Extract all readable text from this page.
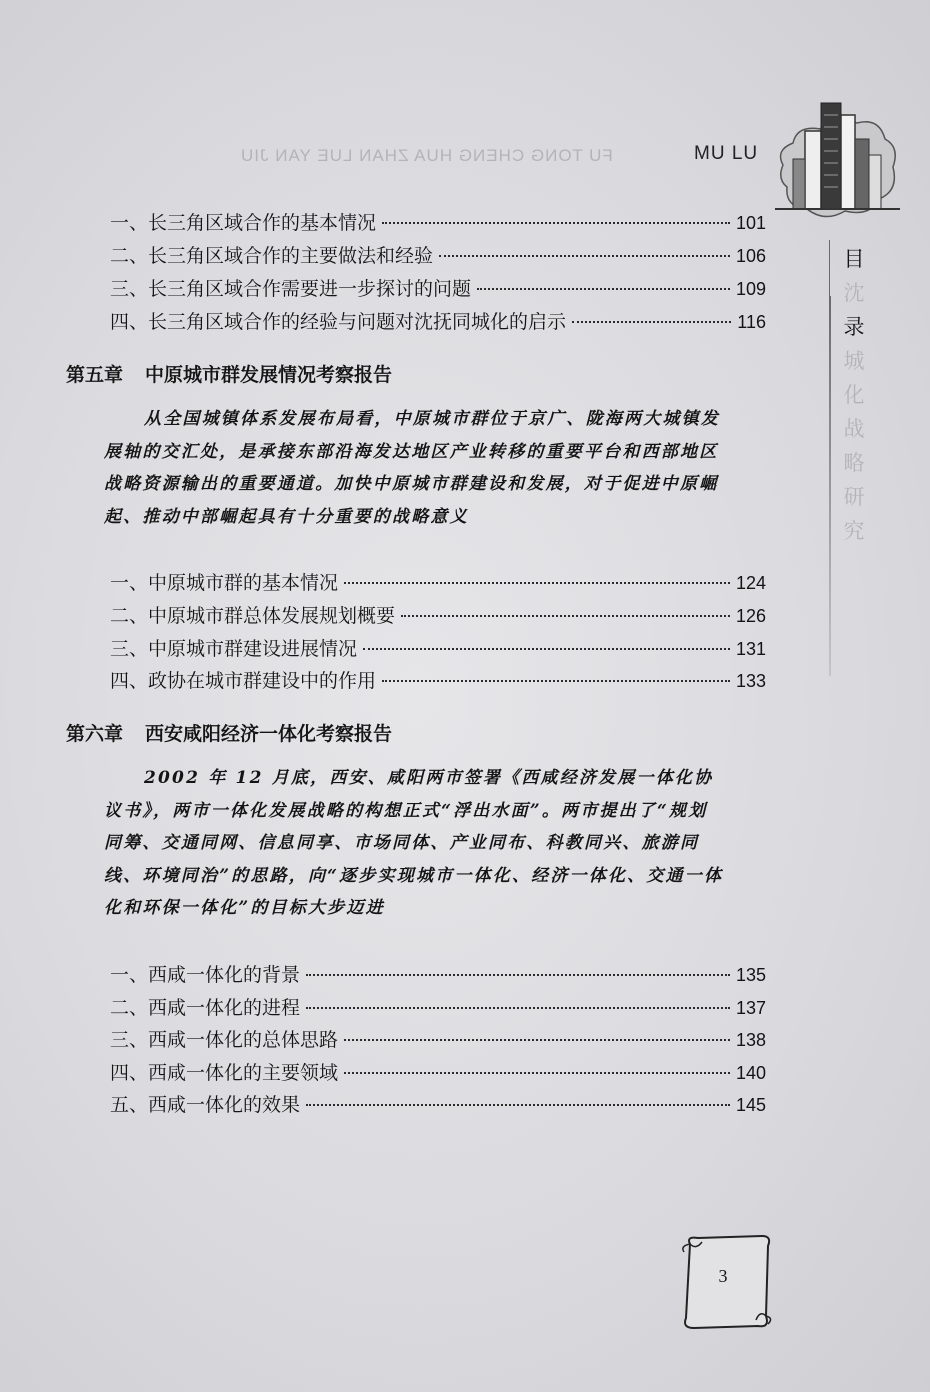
FU TONG CHENG HUA ZHAN LUE YAN JIU	MU LU
目
沈
录
城
化
战
略
研
究
一、长三角区域合作的基本情况	101
二、长三角区域合作的主要做法和经验	106
三、长三角区域合作需要进一步探讨的问题	109
四、长三角区域合作的经验与问题对沈抚同城化的启示	116
第五章 中原城市群发展情况考察报告
从全国城镇体系发展布局看，中原城市群位于京广、陇海两大城镇发展轴的交汇处，是承接东部沿海发达地区产业转移的重要平台和西部地区战略资源输出的重要通道。加快中原城市群建设和发展，对于促进中原崛起、推动中部崛起具有十分重要的战略意义
一、中原城市群的基本情况	124
二、中原城市群总体发展规划概要	126
三、中原城市群建设进展情况	131
四、政协在城市群建设中的作用	133
第六章 西安咸阳经济一体化考察报告
2002 年 12 月底，西安、咸阳两市签署《西咸经济发展一体化协议书》，两市一体化发展战略的构想正式“浮出水面”。两市提出了“规划同筹、交通同网、信息同享、市场同体、产业同布、科教同兴、旅游同线、环境同治”的思路，向“逐步实现城市一体化、经济一体化、交通一体化和环保一体化”的目标大步迈进
一、西咸一体化的背景	135
二、西咸一体化的进程	137
三、西咸一体化的总体思路	138
四、西咸一体化的主要领域	140
五、西咸一体化的效果	145
3
